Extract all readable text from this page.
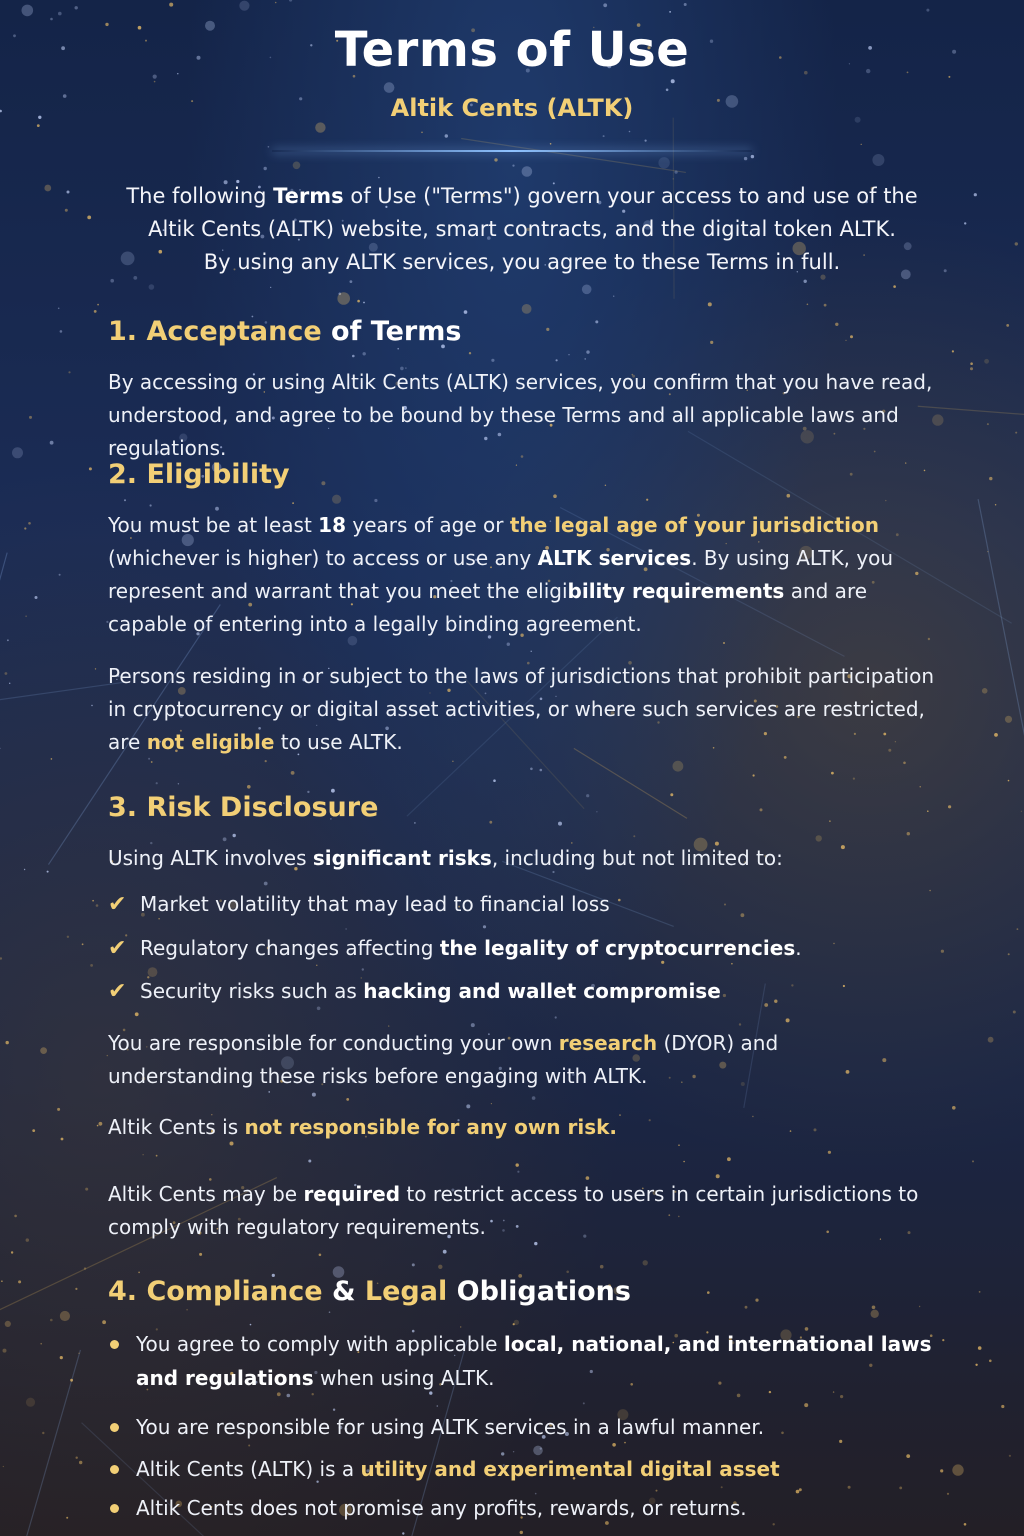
Terms of Use
Altik Cents (ALTK)
The following Terms of Use ("Terms") govern your access to and use of the
Altik Cents (ALTK) website, smart contracts, and the digital token ALTK.
By using any ALTK services, you agree to these Terms in full.
1. Acceptance of Terms
By accessing or using Altik Cents (ALTK) services, you confirm that you have read, understood, and agree to be bound by these Terms and all applicable laws and regulations.
2. Eligibility
You must be at least 18 years of age or the legal age of your jurisdiction
(whichever is higher) to access or use any ALTK services. By using ALTK, you represent and warrant that you meet the eligibility requirements and are capable of entering into a legally binding agreement.
Persons residing in or subject to the laws of jurisdictions that prohibit participation in cryptocurrency or digital asset activities, or where such services are restricted, are not eligible to use ALTK.
3. Risk Disclosure
Using ALTK involves significant risks, including but not limited to:
✔ Market volatility that may lead to financial loss
✔ Regulatory changes affecting the legality of cryptocurrencies.
✔ Security risks such as hacking and wallet compromise
You are responsible for conducting your own research (DYOR) and understanding these risks before engaging with ALTK.
Altik Cents is not responsible for any own risk.
Altik Cents may be required to restrict access to users in certain jurisdictions to comply with regulatory requirements.
4. Compliance & Legal Obligations
You agree to comply with applicable local, national, and international laws and regulations when using ALTK.
You are responsible for using ALTK services in a lawful manner.
Altik Cents (ALTK) is a utility and experimental digital asset
Altik Cents does not promise any profits, rewards, or returns.
